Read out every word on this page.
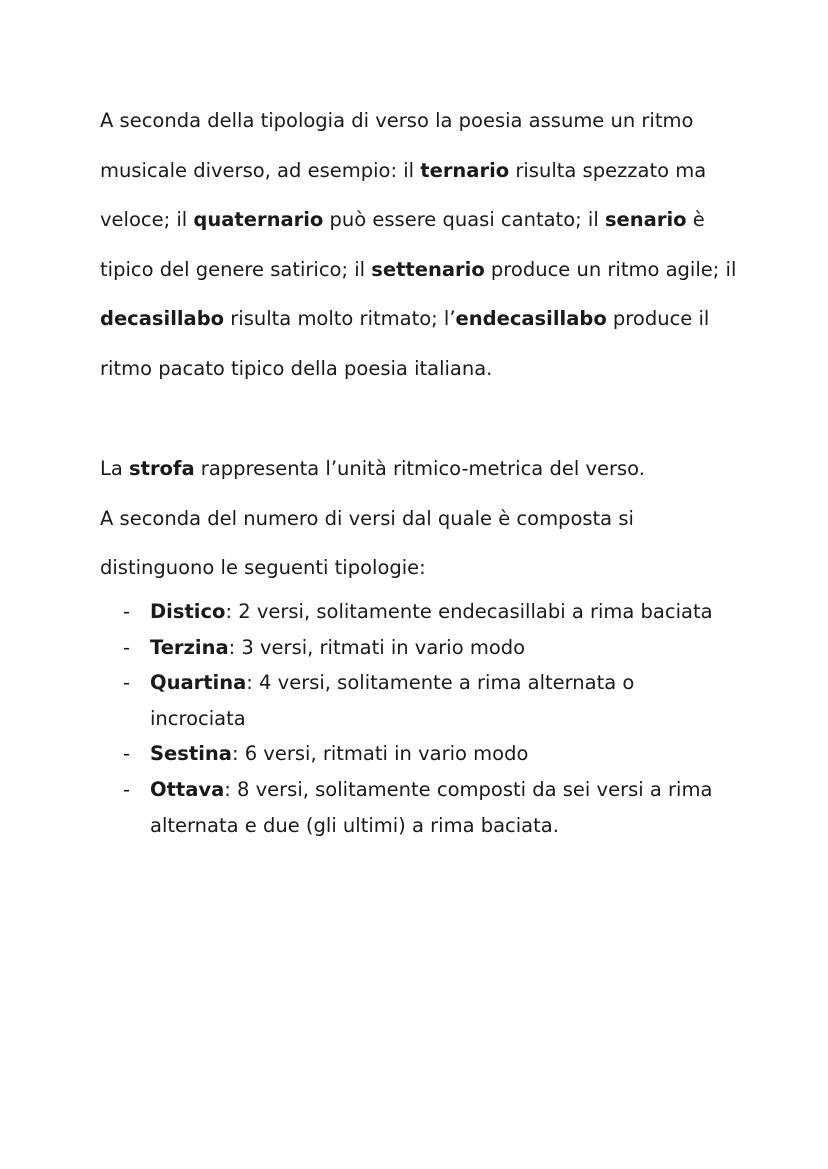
A seconda della tipologia di verso la poesia assume un ritmo musicale diverso, ad esempio: il ternario risulta spezzato ma veloce; il quaternario può essere quasi cantato; il senario è tipico del genere satirico; il settenario produce un ritmo agile; il decasillabo risulta molto ritmato; l’endecasillabo produce il ritmo pacato tipico della poesia italiana.

La strofa rappresenta l’unità ritmico-metrica del verso.
A seconda del numero di versi dal quale è composta si
distinguono le seguenti tipologie:

- Distico: 2 versi, solitamente endecasillabi a rima baciata
- Terzina: 3 versi, ritmati in vario modo
- Quartina: 4 versi, solitamente a rima alternata o incrociata
- Sestina: 6 versi, ritmati in vario modo
- Ottava: 8 versi, solitamente composti da sei versi a rima alternata e due (gli ultimi) a rima baciata.
